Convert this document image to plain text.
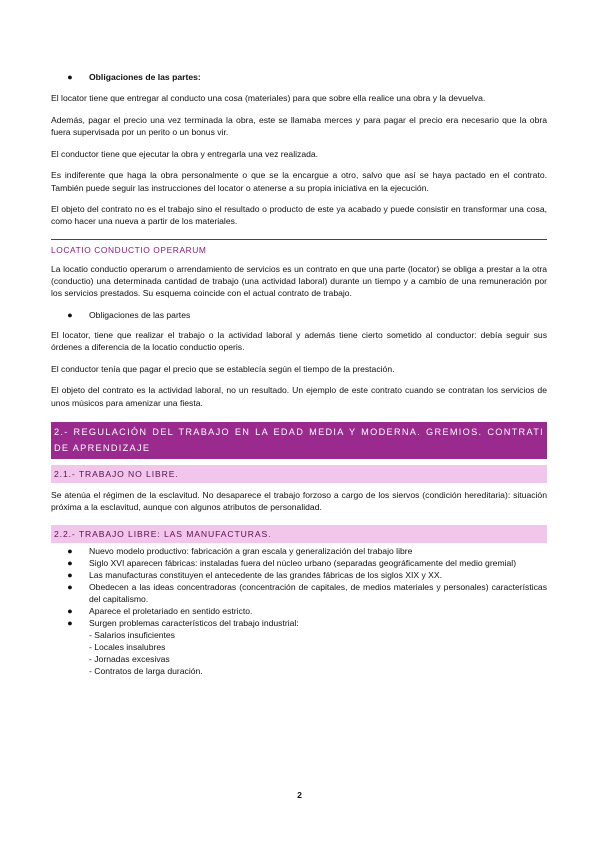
●	Obligaciones de las partes:

El locator tiene que entregar al conducto una cosa (materiales) para que sobre ella realice una obra y la devuelva.

Además, pagar el precio una vez terminada la obra, este se llamaba merces y para pagar el precio era necesario que la obra fuera supervisada por un perito o un bonus vir.

El conductor tiene que ejecutar la obra y entregarla una vez realizada.

Es indiferente que haga la obra personalmente o que se la encargue a otro, salvo que así se haya pactado en el contrato. También puede seguir las instrucciones del locator o atenerse a su propia iniciativa en la ejecución.

El objeto del contrato no es el trabajo sino el resultado o producto de este ya acabado y puede consistir en transformar una cosa, como hacer una nueva a partir de los materiales.

LOCATIO CONDUCTIO OPERARUM

La locatio conductio operarum o arrendamiento de servicios es un contrato en que una parte (locator) se obliga a prestar a la otra (conductio) una determinada cantidad de trabajo (una actividad laboral) durante un tiempo y a cambio de una remuneración por los servicios prestados. Su esquema coincide con el actual contrato de trabajo.

●	Obligaciones de las partes

El locator, tiene que realizar el trabajo o la actividad laboral y además tiene cierto sometido al conductor: debía seguir sus órdenes a diferencia de la locatio conductio operis.

El conductor tenía que pagar el precio que se establecía según el tiempo de la prestación.

El objeto del contrato es la actividad laboral, no un resultado. Un ejemplo de este contrato cuando se contratan los servicios de unos músicos para amenizar una fiesta.

2.- REGULACIÓN DEL TRABAJO EN LA EDAD MEDIA Y MODERNA. GREMIOS. CONTRATI DE APRENDIZAJE
2.1.- TRABAJO NO LIBRE.

Se atenúa el régimen de la esclavitud. No desaparece el trabajo forzoso a cargo de los siervos (condición hereditaria): situación próxima a la esclavitud, aunque con algunos atributos de personalidad.

2.2.- TRABAJO LIBRE: LAS MANUFACTURAS.
●	Nuevo modelo productivo: fabricación a gran escala y generalización del trabajo libre
●	Siglo XVI aparecen fábricas: instaladas fuera del núcleo urbano (separadas geográficamente del medio gremial)
●	Las manufacturas constituyen el antecedente de las grandes fábricas de los siglos XIX y XX.
●	Obedecen a las ideas concentradoras (concentración de capitales, de medios materiales y personales) características del capitalismo.
●	Aparece el proletariado en sentido estricto.
●	Surgen problemas característicos del trabajo industrial:
- Salarios insuficientes
- Locales insalubres
- Jornadas excesivas
- Contratos de larga duración.
2
